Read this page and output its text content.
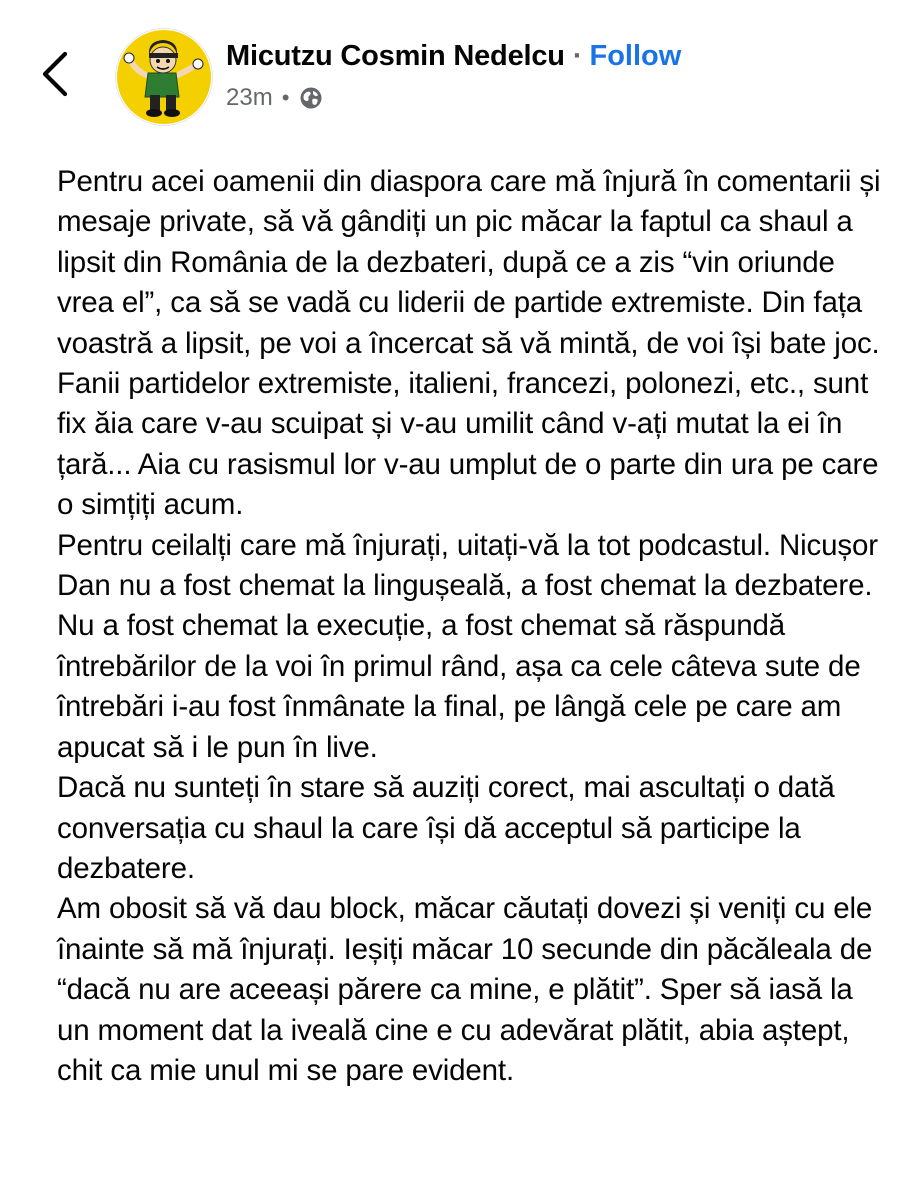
Micutzu Cosmin Nedelcu · Follow
23m •

Pentru acei oamenii din diaspora care mă înjură în comentarii și mesaje private, să vă gândiți un pic măcar la faptul ca shaul a lipsit din România de la dezbateri, după ce a zis “vin oriunde vrea el”, ca să se vadă cu liderii de partide extremiste. Din fața voastră a lipsit, pe voi a încercat să vă mintă, de voi își bate joc.

Fanii partidelor extremiste, italieni, francezi, polonezi, etc., sunt fix ăia care v-au scuipat și v-au umilit când v-ați mutat la ei în țară... Aia cu rasismul lor v-au umplut de o parte din ura pe care o simțiți acum.

Pentru ceilalți care mă înjurați, uitați-vă la tot podcastul. Nicușor Dan nu a fost chemat la lingușeală, a fost chemat la dezbatere. Nu a fost chemat la execuție, a fost chemat să răspundă întrebărilor de la voi în primul rând, așa ca cele câteva sute de întrebări i-au fost înmânate la final, pe lângă cele pe care am apucat să i le pun în live.

Dacă nu sunteți în stare să auziți corect, mai ascultați o dată conversația cu shaul la care își dă acceptul să participe la dezbatere.

Am obosit să vă dau block, măcar căutați dovezi și veniți cu ele înainte să mă înjurați. Ieșiți măcar 10 secunde din păcăleala de “dacă nu are aceeași părere ca mine, e plătit”. Sper să iasă la un moment dat la iveală cine e cu adevărat plătit, abia aștept, chit ca mie unul mi se pare evident.
